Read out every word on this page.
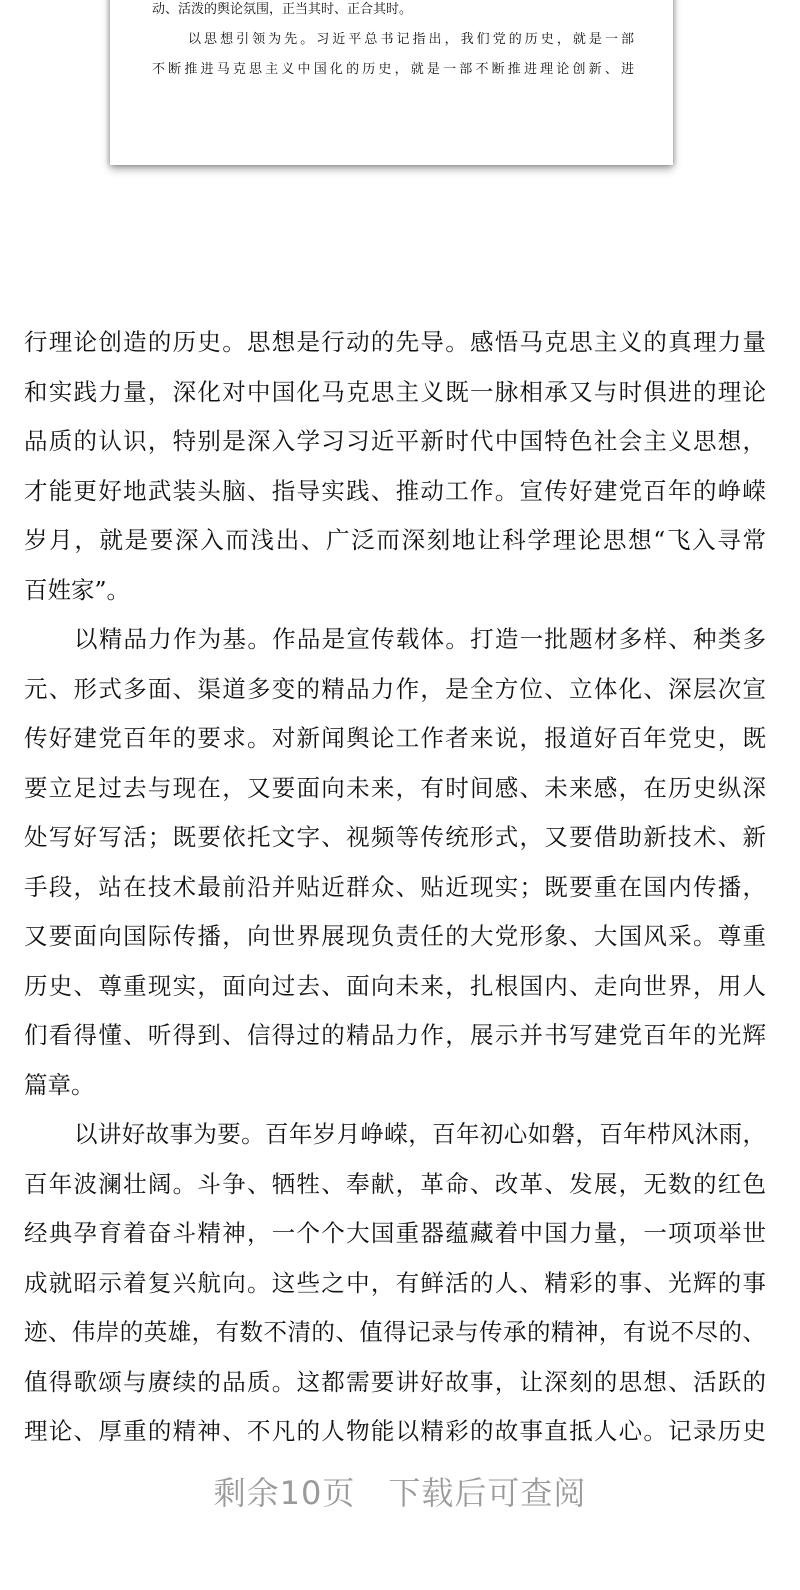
动、活泼的舆论氛围，正当其时、正合其时。
以思想引领为先。习近平总书记指出，我们党的历史，就是一部
不断推进马克思主义中国化的历史，就是一部不断推进理论创新、进
行理论创造的历史。思想是行动的先导。感悟马克思主义的真理力量
和实践力量，深化对中国化马克思主义既一脉相承又与时俱进的理论
品质的认识，特别是深入学习习近平新时代中国特色社会主义思想，
才能更好地武装头脑、指导实践、推动工作。宣传好建党百年的峥嵘
岁月，就是要深入而浅出、广泛而深刻地让科学理论思想“飞入寻常
百姓家”。
以精品力作为基。作品是宣传载体。打造一批题材多样、种类多
元、形式多面、渠道多变的精品力作，是全方位、立体化、深层次宣
传好建党百年的要求。对新闻舆论工作者来说，报道好百年党史，既
要立足过去与现在，又要面向未来，有时间感、未来感，在历史纵深
处写好写活；既要依托文字、视频等传统形式，又要借助新技术、新
手段，站在技术最前沿并贴近群众、贴近现实；既要重在国内传播，
又要面向国际传播，向世界展现负责任的大党形象、大国风采。尊重
历史、尊重现实，面向过去、面向未来，扎根国内、走向世界，用人
们看得懂、听得到、信得过的精品力作，展示并书写建党百年的光辉
篇章。
以讲好故事为要。百年岁月峥嵘，百年初心如磐，百年栉风沐雨，
百年波澜壮阔。斗争、牺牲、奉献，革命、改革、发展，无数的红色
经典孕育着奋斗精神，一个个大国重器蕴藏着中国力量，一项项举世
成就昭示着复兴航向。这些之中，有鲜活的人、精彩的事、光辉的事
迹、伟岸的英雄，有数不清的、值得记录与传承的精神，有说不尽的、
值得歌颂与赓续的品质。这都需要讲好故事，让深刻的思想、活跃的
理论、厚重的精神、不凡的人物能以精彩的故事直抵人心。记录历史
剩余10页　下载后可查阅
